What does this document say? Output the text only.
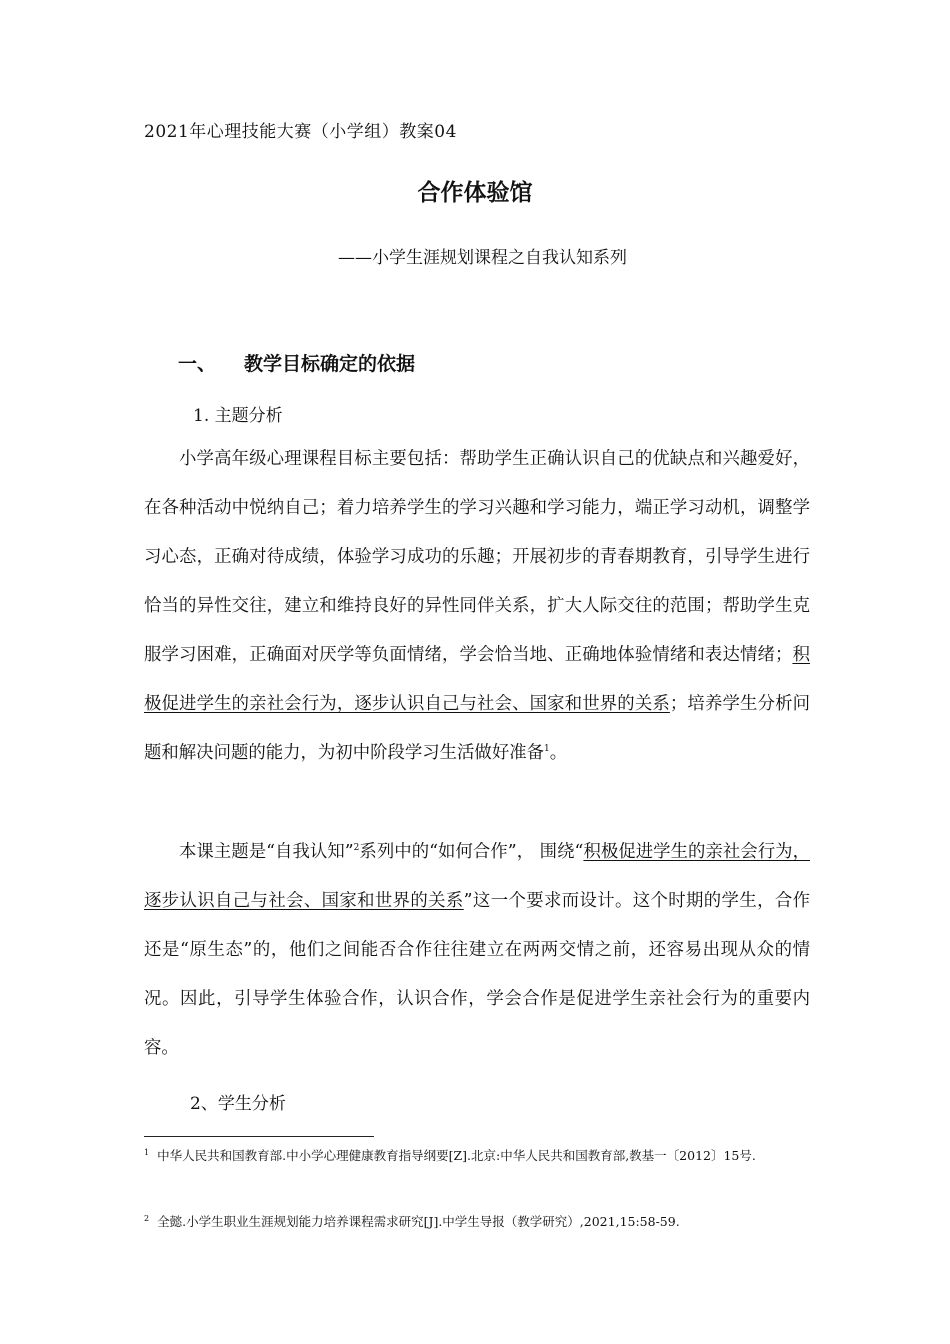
2021年心理技能大赛（小学组）教案04
合作体验馆
——小学生涯规划课程之自我认知系列
一、 教学目标确定的依据
1. 主题分析

小学高年级心理课程目标主要包括：帮助学生正确认识自己的优缺点和兴趣爱好，在各种活动中悦纳自己；着力培养学生的学习兴趣和学习能力，端正学习动机，调整学习心态，正确对待成绩，体验学习成功的乐趣；开展初步的青春期教育，引导学生进行恰当的异性交往，建立和维持良好的异性同伴关系，扩大人际交往的范围；帮助学生克服学习困难，正确面对厌学等负面情绪，学会恰当地、正确地体验情绪和表达情绪；积极促进学生的亲社会行为，逐步认识自己与社会、国家和世界的关系；培养学生分析问题和解决问题的能力，为初中阶段学习生活做好准备$^1$。

本课主题是“自我认知”$^2$系列中的“如何合作”， 围绕“积极促进学生的亲社会行为，逐步认识自己与社会、国家和世界的关系”这一个要求而设计。这个时期的学生，合作还是“原生态”的，他们之间能否合作往往建立在两两交情之前，还容易出现从众的情况。因此，引导学生体验合作，认识合作，学会合作是促进学生亲社会行为的重要内容。

2、学生分析

$^1$ 中华人民共和国教育部.中小学心理健康教育指导纲要[Z].北京:中华人民共和国教育部,教基一〔2012〕15号.

$^2$ 全懿.小学生职业生涯规划能力培养课程需求研究[J].中学生导报（教学研究）,2021,15:58-59.
